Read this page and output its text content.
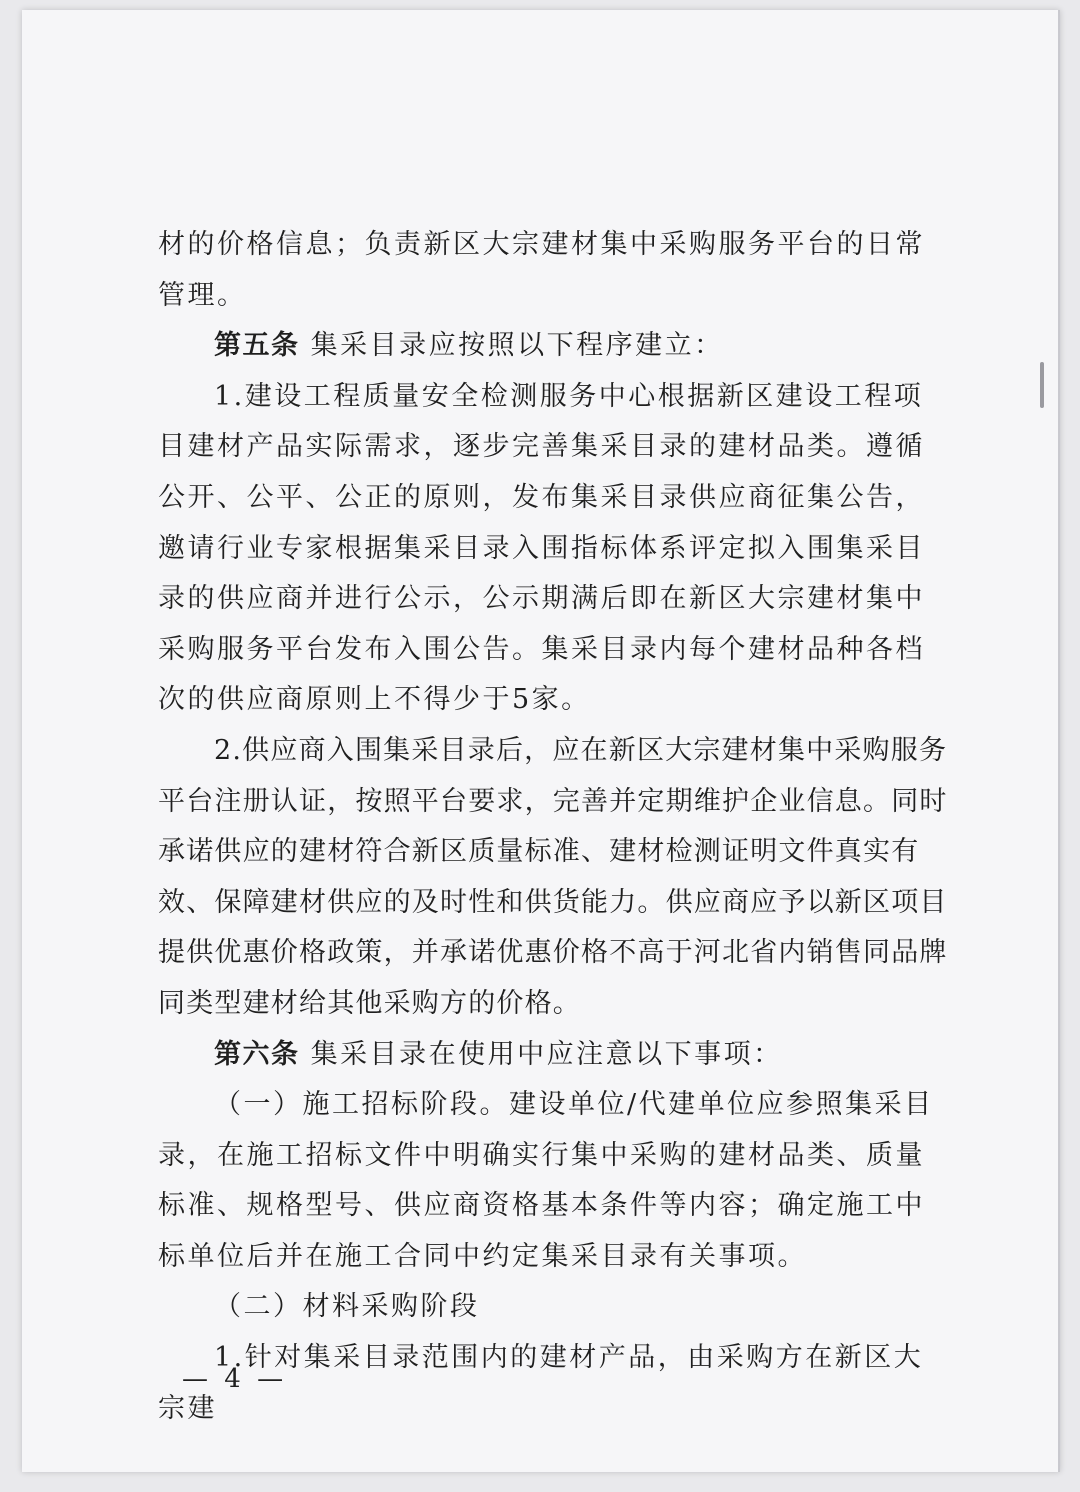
材的价格信息；负责新区大宗建材集中采购服务平台的日常管理。

第五条 集采目录应按照以下程序建立：

1.建设工程质量安全检测服务中心根据新区建设工程项目建材产品实际需求，逐步完善集采目录的建材品类。遵循公开、公平、公正的原则，发布集采目录供应商征集公告，邀请行业专家根据集采目录入围指标体系评定拟入围集采目录的供应商并进行公示，公示期满后即在新区大宗建材集中采购服务平台发布入围公告。集采目录内每个建材品种各档次的供应商原则上不得少于5家。

2.供应商入围集采目录后，应在新区大宗建材集中采购服务平台注册认证，按照平台要求，完善并定期维护企业信息。同时承诺供应的建材符合新区质量标准、建材检测证明文件真实有效、保障建材供应的及时性和供货能力。供应商应予以新区项目提供优惠价格政策，并承诺优惠价格不高于河北省内销售同品牌同类型建材给其他采购方的价格。

第六条 集采目录在使用中应注意以下事项：

（一）施工招标阶段。建设单位/代建单位应参照集采目录，在施工招标文件中明确实行集中采购的建材品类、质量标准、规格型号、供应商资格基本条件等内容；确定施工中标单位后并在施工合同中约定集采目录有关事项。

（二）材料采购阶段

1.针对集采目录范围内的建材产品，由采购方在新区大宗建

— 4 —
